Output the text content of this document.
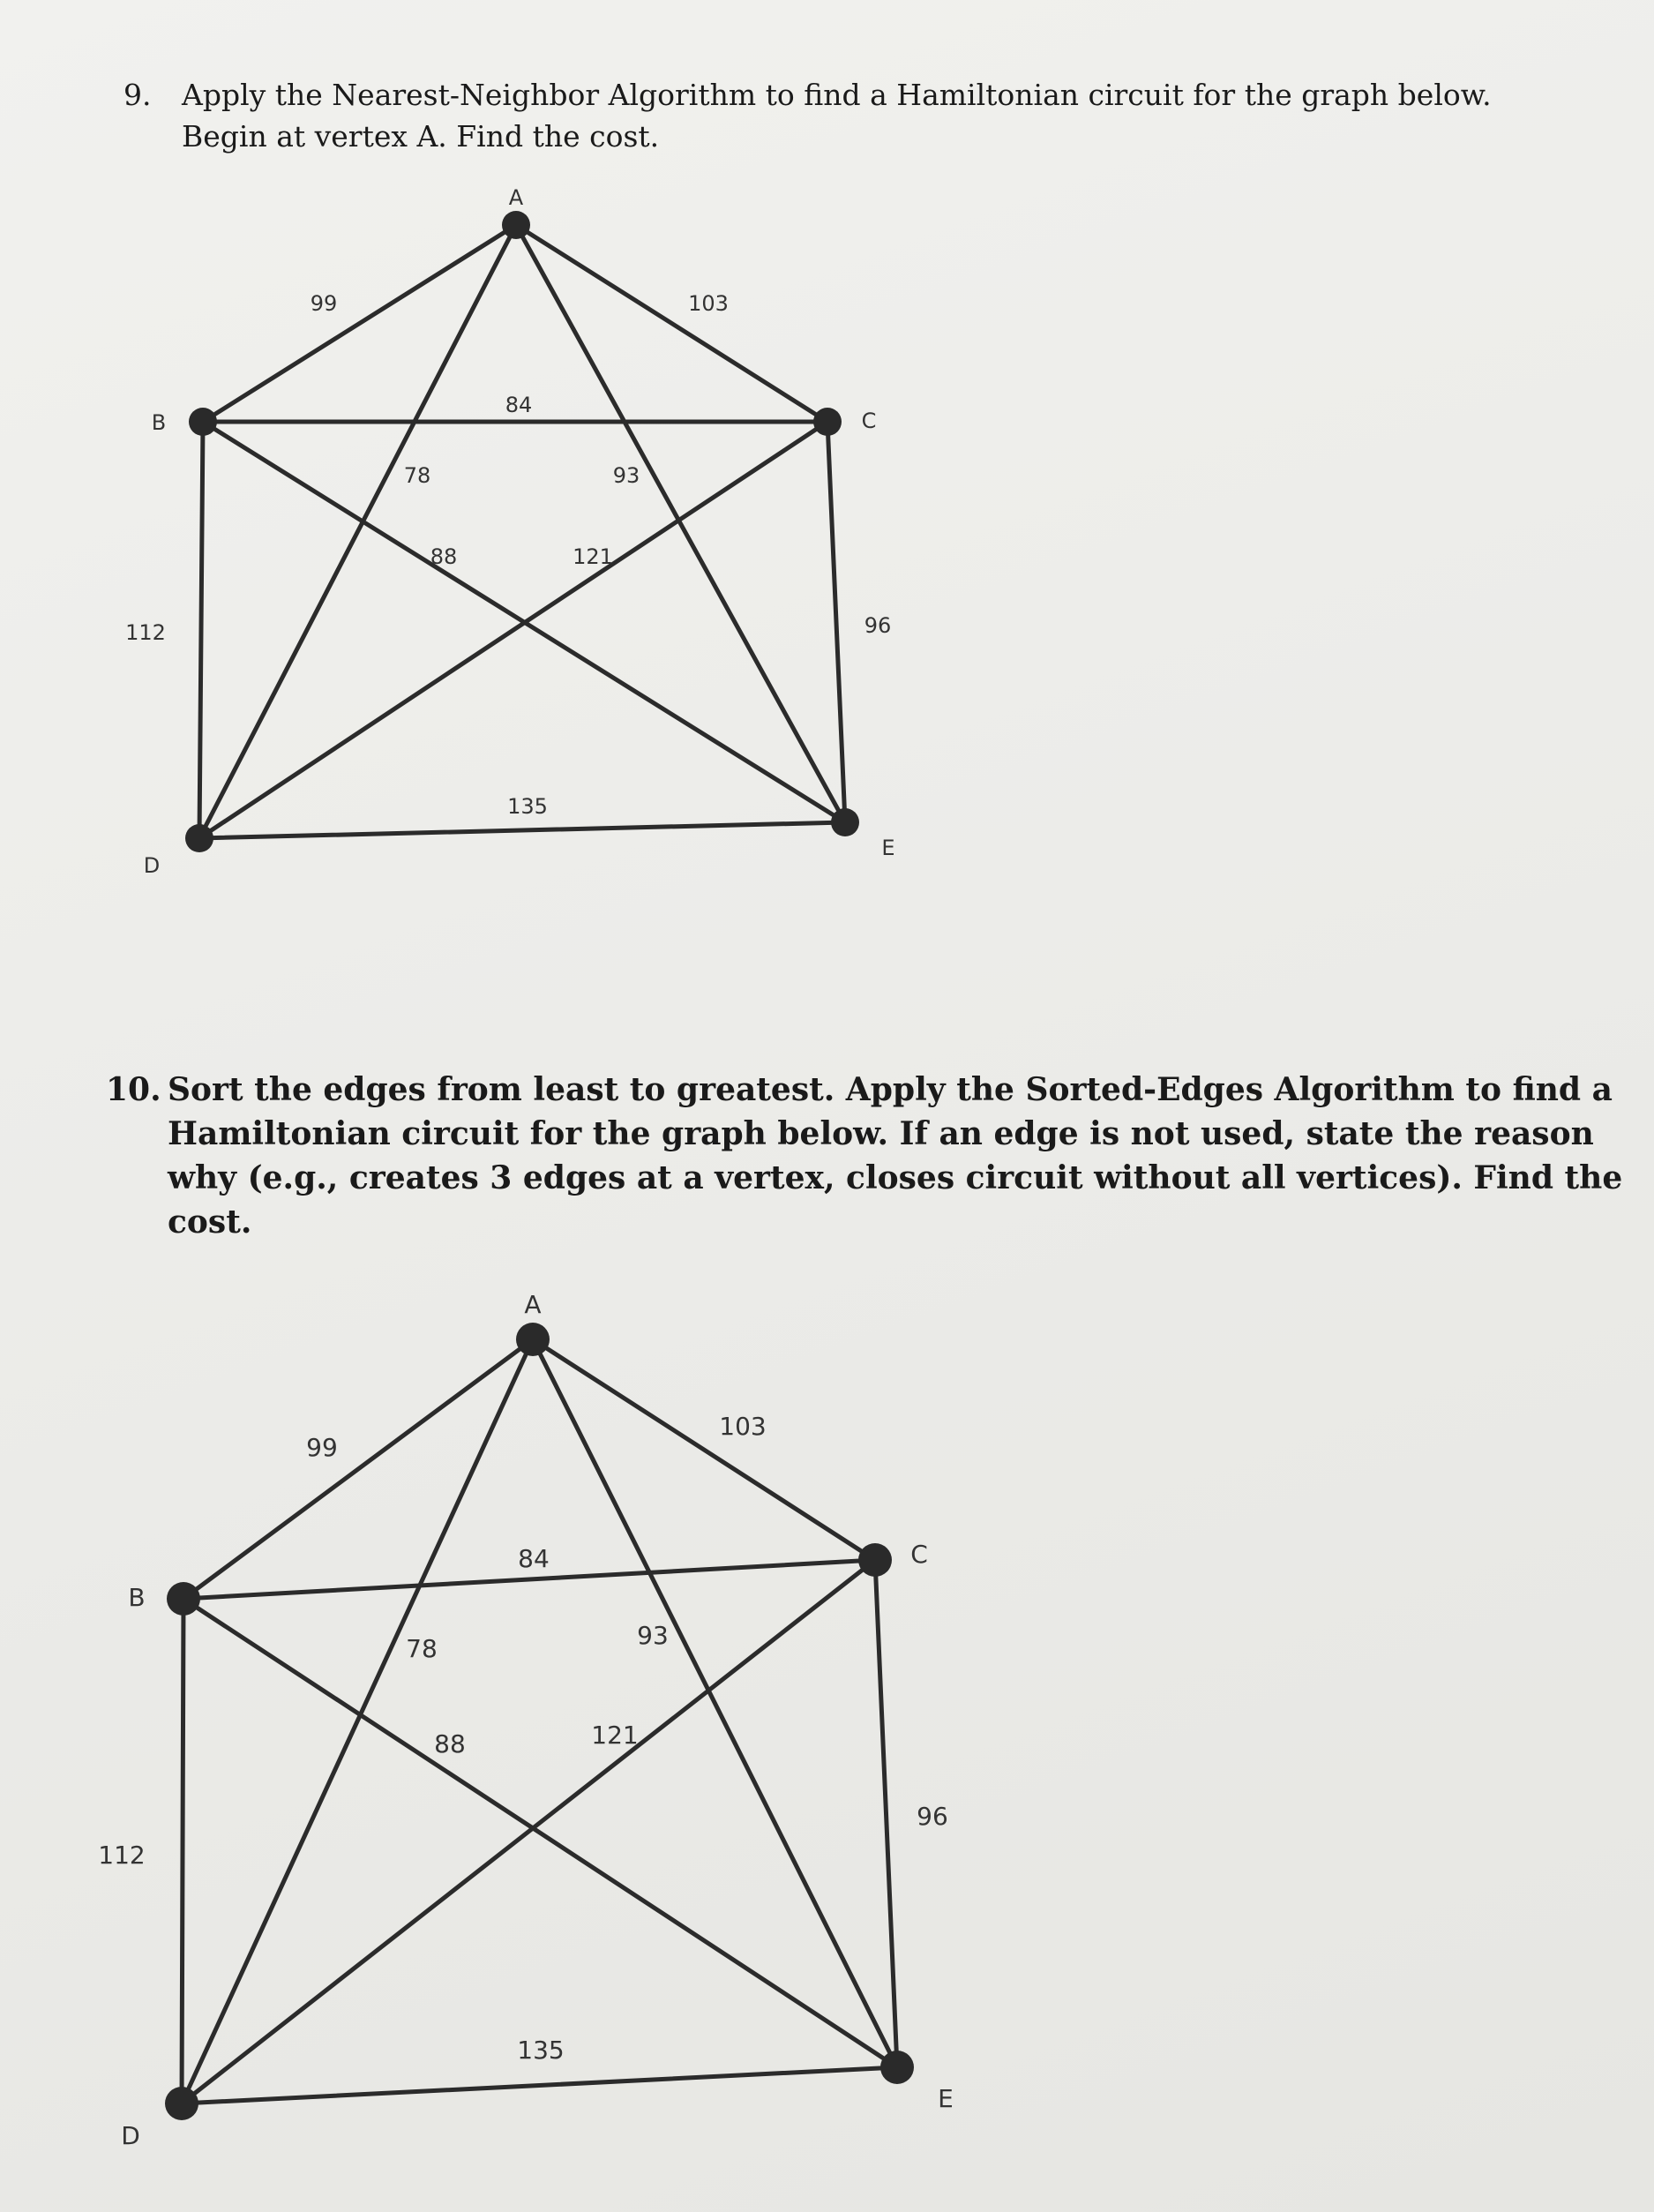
9. Apply the Nearest-Neighbor Algorithm to find a Hamiltonian circuit for the graph below. Begin at vertex A. Find the cost.
10. Sort the edges from least to greatest. Apply the Sorted-Edges Algorithm to find a Hamiltonian circuit for the graph below. If an edge is not used, state the reason why (e.g., creates 3 edges at a vertex, closes circuit without all vertices). Find the cost.
A
B	C
D
E
99	103
84
78	93
88	121
112	96
135
A
B
C
D
E
99
103
84
78	93
88	121
112
96
135
